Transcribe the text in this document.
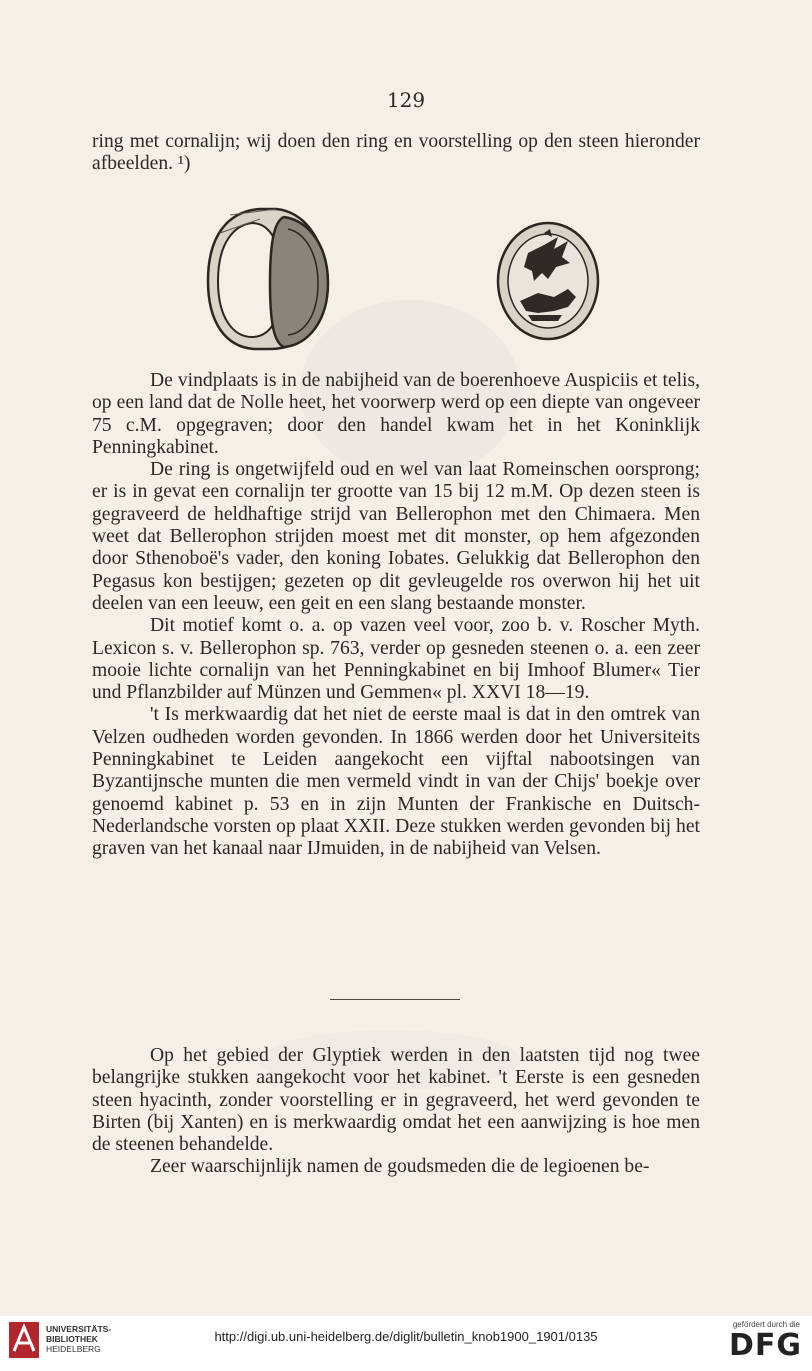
129

ring met cornalijn; wij doen den ring en voorstelling op den steen hieronder afbeelden. ¹)

De vindplaats is in de nabijheid van de boerenhoeve Auspiciis et telis, op een land dat de Nolle heet, het voorwerp werd op een diepte van ongeveer 75 c.M. opgegraven; door den handel kwam het in het Koninklijk Penningkabinet.

De ring is ongetwijfeld oud en wel van laat Romeinschen oorsprong; er is in gevat een cornalijn ter grootte van 15 bij 12 m.M. Op dezen steen is gegraveerd de heldhaftige strijd van Bellerophon met den Chimaera. Men weet dat Bellerophon strijden moest met dit monster, op hem afgezonden door Sthenoboë's vader, den koning Iobates. Gelukkig dat Bellerophon den Pegasus kon bestijgen; gezeten op dit gevleugelde ros overwon hij het uit deelen van een leeuw, een geit en een slang bestaande monster.

Dit motief komt o. a. op vazen veel voor, zoo b. v. Roscher Myth. Lexicon s. v. Bellerophon sp. 763, verder op gesneden steenen o. a. een zeer mooie lichte cornalijn van het Penningkabinet en bij Imhoof Blumer« Tier und Pflanzbilder auf Münzen und Gemmen« pl. XXVI 18—19.

't Is merkwaardig dat het niet de eerste maal is dat in den omtrek van Velzen oudheden worden gevonden. In 1866 werden door het Universiteits Penningkabinet te Leiden aangekocht een vijftal nabootsingen van Byzantijnsche munten die men vermeld vindt in van der Chijs' boekje over genoemd kabinet p. 53 en in zijn Munten der Frankische en Duitsch-Nederlandsche vorsten op plaat XXII. Deze stukken werden gevonden bij het graven van het kanaal naar IJmuiden, in de nabijheid van Velsen.

Op het gebied der Glyptiek werden in den laatsten tijd nog twee belangrijke stukken aangekocht voor het kabinet. 't Eerste is een gesneden steen hyacinth, zonder voorstelling er in gegraveerd, het werd gevonden te Birten (bij Xanten) en is merkwaardig omdat het een aanwijzing is hoe men de steenen behandelde.

Zeer waarschijnlijk namen de goudsmeden die de legioenen be-

UNIVERSITÄTS-
BIBLIOTHEK
HEIDELBERG
http://digi.ub.uni-heidelberg.de/diglit/bulletin_knob1900_1901/0135
gefördert durch die
DFG
